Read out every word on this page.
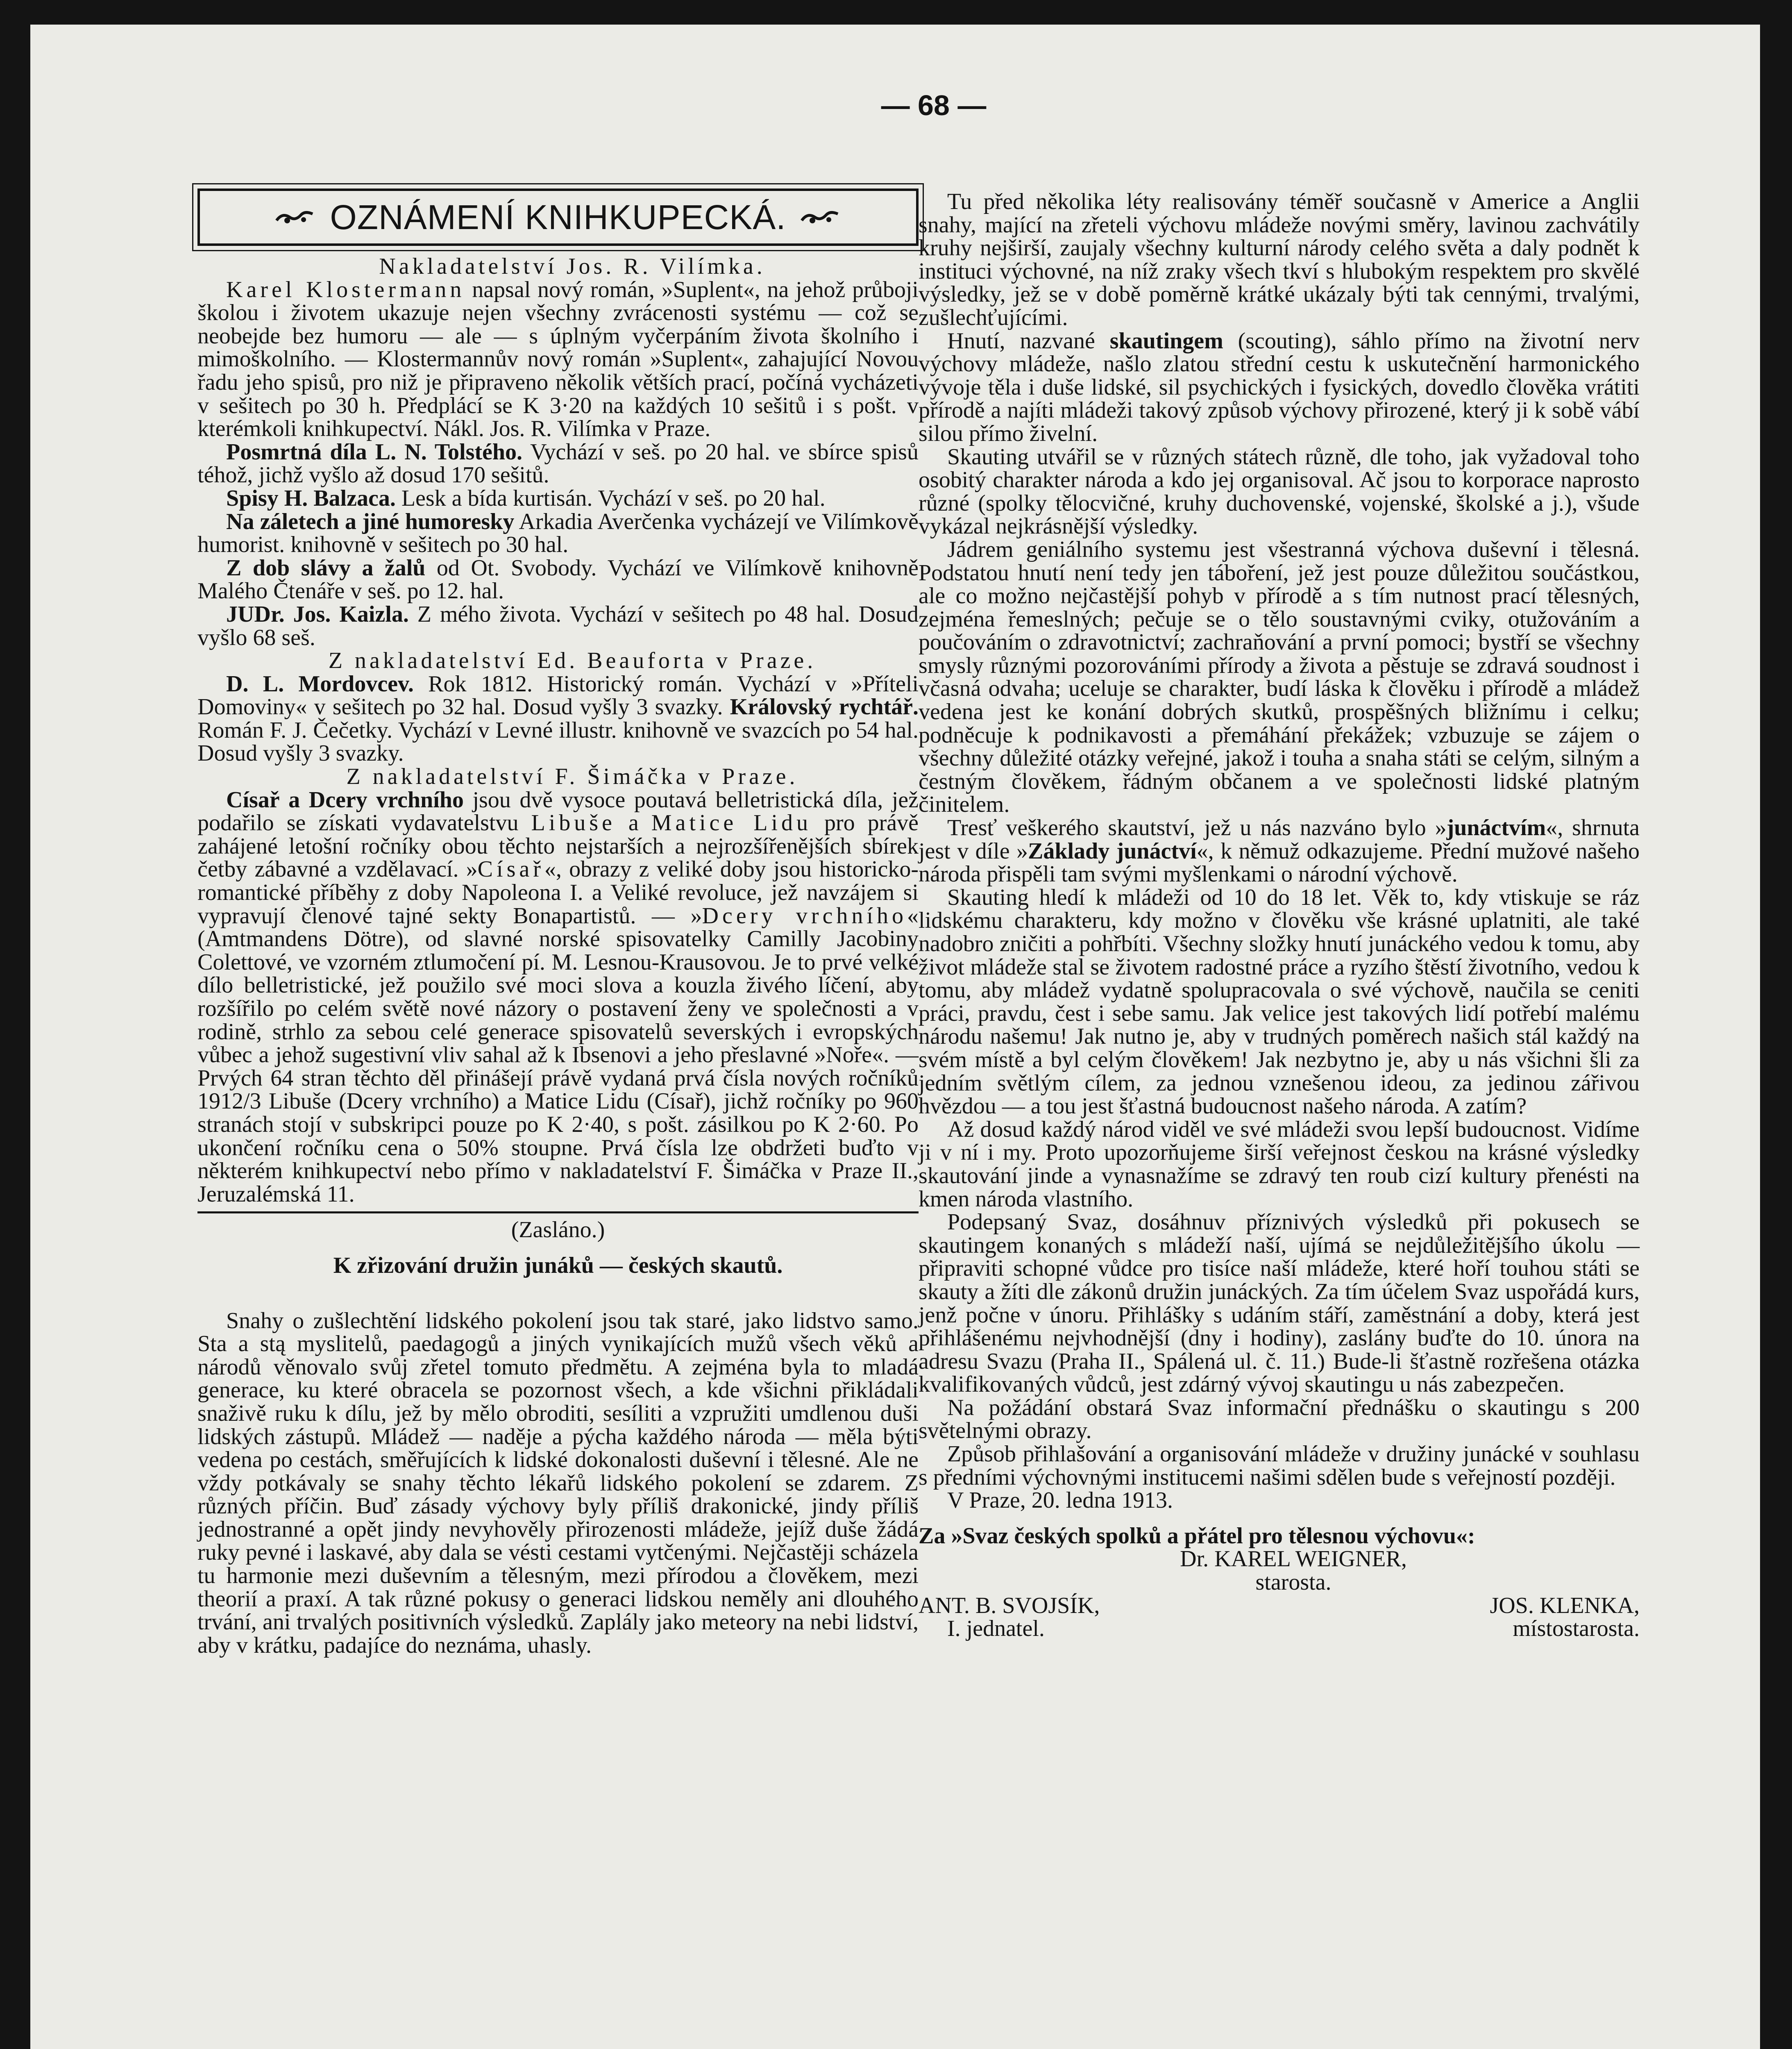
— 68 —
OZNÁMENÍ KNIHKUPECKÁ.

Nakladatelství Jos. R. Vilímka.

Karel Klostermann napsal nový román, »Suplent«, na jehož průboji školou i životem ukazuje nejen všechny zvrácenosti systému — což se neobejde bez humoru — ale — s úplným vyčerpáním života školního i mimoškolního. — Klostermannův nový román »Suplent«, zahajující Novou řadu jeho spisů, pro niž je připraveno několik větších prací, počíná vycházeti v sešitech po 30 h. Předplácí se K 3·20 na každých 10 sešitů i s pošt. v kterémkoli knihkupectví. Nákl. Jos. R. Vilímka v Praze.

Posmrtná díla L. N. Tolstého. Vychází v seš. po 20 hal. ve sbírce spisů téhož, jichž vyšlo až dosud 170 sešitů.

Spisy H. Balzaca. Lesk a bída kurtisán. Vychází v seš. po 20 hal.

Na záletech a jiné humoresky Arkadia Averčenka vycházejí ve Vilímkově humorist. knihovně v sešitech po 30 hal.

Z dob slávy a žalů od Ot. Svobody. Vychází ve Vilímkově knihovně Malého Čtenáře v seš. po 12. hal.

JUDr. Jos. Kaizla. Z mého života. Vychází v sešitech po 48 hal. Dosud vyšlo 68 seš.

Z nakladatelství Ed. Beauforta v Praze.

D. L. Mordovcev. Rok 1812. Historický román. Vychází v »Příteli Domoviny« v sešitech po 32 hal. Dosud vyšly 3 svazky. Královský rychtář. Román F. J. Čečetky. Vychází v Levné illustr. knihovně ve svazcích po 54 hal. Dosud vyšly 3 svazky.

Z nakladatelství F. Šimáčka v Praze.

Císař a Dcery vrchního jsou dvě vysoce poutavá belletristická díla, jež podařilo se získati vydavatelstvu Libuše a Matice Lidu pro právě zahájené letošní ročníky obou těchto nejstarších a nejrozšířenějších sbírek četby zábavné a vzdělavací. »Císař«, obrazy z veliké doby jsou historicko-romantické příběhy z doby Napoleona I. a Veliké revoluce, jež navzájem si vypravují členové tajné sekty Bonapartistů. — »Dcery vrchního« (Amtmandens Dötre), od slavné norské spisovatelky Camilly Jacobiny Colettové, ve vzorném ztlumočení pí. M. Lesnou-Krausovou. Je to prvé velké dílo belletristické, jež použilo své moci slova a kouzla živého líčení, aby rozšířilo po celém světě nové názory o postavení ženy ve společnosti a v rodině, strhlo za sebou celé generace spisovatelů severských i evropských vůbec a jehož sugestivní vliv sahal až k Ibsenovi a jeho přeslavné »Noře«. — Prvých 64 stran těchto děl přinášejí právě vydaná prvá čísla nových ročníků 1912/3 Libuše (Dcery vrchního) a Matice Lidu (Císař), jichž ročníky po 960 stranách stojí v subskripci pouze po K 2·40, s pošt. zásilkou po K 2·60. Po ukončení ročníku cena o 50% stoupne. Prvá čísla lze obdržeti buďto v některém knihkupectví nebo přímo v nakladatelství F. Šimáčka v Praze II., Jeruzalémská 11.

(Zasláno.)

K zřizování družin junáků — českých skautů.

Snahy o zušlechtění lidského pokolení jsou tak staré, jako lidstvo samo. Sta a stą myslitelů, paedagogů a jiných vynikajících mužů všech věků a národů věnovalo svůj zřetel tomuto předmětu. A zejména byla to mladá generace, ku které obracela se pozornost všech, a kde všichni přikládali snaživě ruku k dílu, jež by mělo obroditi, sesíliti a vzpružiti umdlenou duši lidských zástupů. Mládež — naděje a pýcha každého národa — měla býti vedena po cestách, směřujících k lidské dokonalosti duševní i tělesné. Ale ne vždy potkávaly se snahy těchto lékařů lidského pokolení se zdarem. Z různých příčin. Buď zásady výchovy byly příliš drakonické, jindy příliš jednostranné a opět jindy nevyhověly přirozenosti mládeže, jejíž duše žádá ruky pevné i laskavé, aby dala se vésti cestami vytčenými. Nejčastěji scházela tu harmonie mezi duševním a tělesným, mezi přírodou a člověkem, mezi theorií a praxí. A tak různé pokusy o generaci lidskou neměly ani dlouhého trvání, ani trvalých positivních výsledků. Zaplály jako meteory na nebi lidství, aby v krátku, padajíce do neznáma, uhasly.

Tu před několika léty realisovány téměř současně v Americe a Anglii snahy, mající na zřeteli výchovu mládeže novými směry, lavinou zachvátily kruhy nejširší, zaujaly všechny kulturní národy celého světa a daly podnět k instituci výchovné, na níž zraky všech tkví s hlubokým respektem pro skvělé výsledky, jež se v době poměrně krátké ukázaly býti tak cennými, trvalými, zušlechťujícími.

Hnutí, nazvané skautingem (scouting), sáhlo přímo na životní nerv výchovy mládeže, našlo zlatou střední cestu k uskutečnění harmonického vývoje těla i duše lidské, sil psychických i fysických, dovedlo člověka vrátiti přírodě a najíti mládeži takový způsob výchovy přirozené, který ji k sobě vábí silou přímo živelní.

Skauting utvářil se v různých státech různě, dle toho, jak vyžadoval toho osobitý charakter národa a kdo jej organisoval. Ač jsou to korporace naprosto různé (spolky tělocvičné, kruhy duchovenské, vojenské, školské a j.), všude vykázal nejkrásnější výsledky.

Jádrem geniálního systemu jest všestranná výchova duševní i tělesná. Podstatou hnutí není tedy jen táboření, jež jest pouze důležitou součástkou, ale co možno nejčastější pohyb v přírodě a s tím nutnost prací tělesných, zejména řemeslných; pečuje se o tělo soustavnými cviky, otužováním a poučováním o zdravotnictví; zachraňování a první pomoci; bystří se všechny smysly různými pozorováními přírody a života a pěstuje se zdravá soudnost i včasná odvaha; uceluje se charakter, budí láska k člověku i přírodě a mládež vedena jest ke konání dobrých skutků, prospěšných bližnímu i celku; podněcuje k podnikavosti a přemáhání překážek; vzbuzuje se zájem o všechny důležité otázky veřejné, jakož i touha a snaha státi se celým, silným a čestným člověkem, řádným občanem a ve společnosti lidské platným činitelem.

Tresť veškerého skautství, jež u nás nazváno bylo »junáctvím«, shrnuta jest v díle »Základy junáctví«, k němuž odkazujeme. Přední mužové našeho národa přispěli tam svými myšlenkami o národní výchově.

Skauting hledí k mládeži od 10 do 18 let. Věk to, kdy vtiskuje se ráz lidskému charakteru, kdy možno v člověku vše krásné uplatniti, ale také nadobro zničiti a pohřbíti. Všechny složky hnutí junáckého vedou k tomu, aby život mládeže stal se životem radostné práce a ryzího štěstí životního, vedou k tomu, aby mládež vydatně spolupracovala o své výchově, naučila se ceniti práci, pravdu, čest i sebe samu. Jak velice jest takových lidí potřebí malému národu našemu! Jak nutno je, aby v trudných poměrech našich stál každý na svém místě a byl celým člověkem! Jak nezbytno je, aby u nás všichni šli za jedním světlým cílem, za jednou vznešenou ideou, za jedinou zářivou hvězdou — a tou jest šťastná budoucnost našeho národa. A zatím?

Až dosud každý národ viděl ve své mládeži svou lepší budoucnost. Vidíme ji v ní i my. Proto upozorňujeme širší veřejnost českou na krásné výsledky skautování jinde a vynasnažíme se zdravý ten roub cizí kultury přenésti na kmen národa vlastního.

Podepsaný Svaz, dosáhnuv příznivých výsledků při pokusech se skautingem konaných s mládeží naší, ujímá se nejdůležitějšího úkolu — připraviti schopné vůdce pro tisíce naší mládeže, které hoří touhou státi se skauty a žíti dle zákonů družin junáckých. Za tím účelem Svaz uspořádá kurs, jenž počne v únoru. Přihlášky s udáním stáří, zaměstnání a doby, která jest přihlášenému nejvhodnější (dny i hodiny), zaslány buďte do 10. února na adresu Svazu (Praha II., Spálená ul. č. 11.) Bude-li šťastně rozřešena otázka kvalifikovaných vůdců, jest zdárný vývoj skautingu u nás zabezpečen.

Na požádání obstará Svaz informační přednášku o skautingu s 200 světelnými obrazy.

Způsob přihlašování a organisování mládeže v družiny junácké v souhlasu s předními výchovnými institucemi našimi sdělen bude s veřejností později.

V Praze, 20. ledna 1913.

Za »Svaz českých spolků a přátel pro tělesnou výchovu«:

Dr. KAREL WEIGNER,

starosta.

ANT. B. SVOJSÍK,	JOS. KLENKA,
I. jednatel.	místostarosta.
